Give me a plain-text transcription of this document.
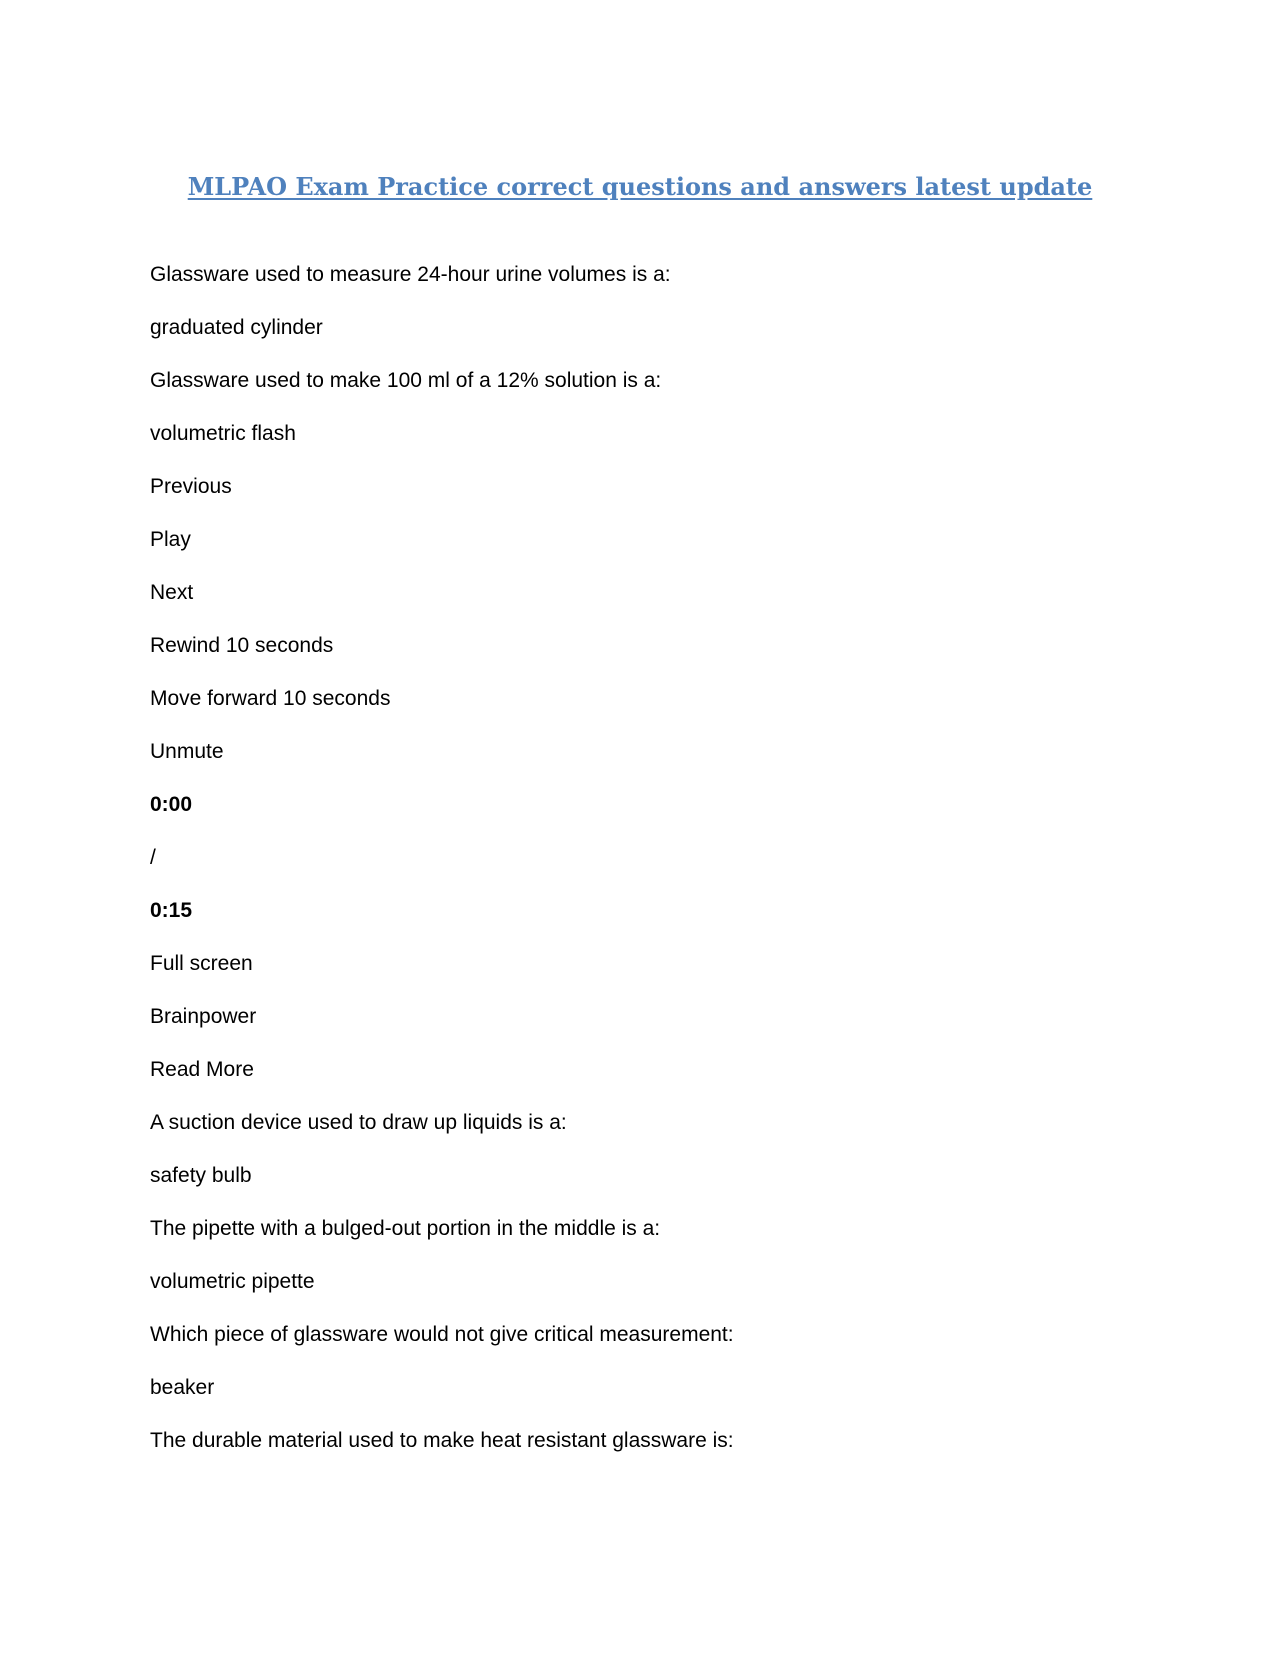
MLPAO Exam Practice correct questions and answers latest update

Glassware used to measure 24-hour urine volumes is a:

graduated cylinder

Glassware used to make 100 ml of a 12% solution is a:

volumetric flash

Previous

Play

Next

Rewind 10 seconds

Move forward 10 seconds

Unmute

0:00

/

0:15

Full screen

Brainpower

Read More

A suction device used to draw up liquids is a:

safety bulb

The pipette with a bulged-out portion in the middle is a:

volumetric pipette

Which piece of glassware would not give critical measurement:

beaker

The durable material used to make heat resistant glassware is:
